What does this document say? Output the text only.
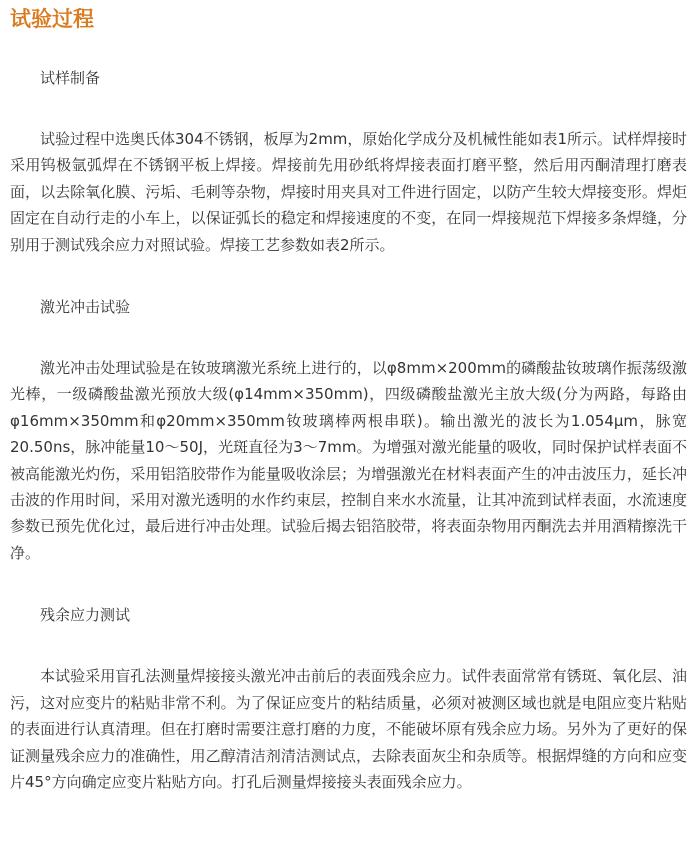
试验过程

试样制备

试验过程中选奥氏体304不锈钢，板厚为2mm，原始化学成分及机械性能如表1所示。试样焊接时采用钨极氩弧焊在不锈钢平板上焊接。焊接前先用砂纸将焊接表面打磨平整，然后用丙酮清理打磨表面，以去除氧化膜、污垢、毛刺等杂物，焊接时用夹具对工件进行固定，以防产生较大焊接变形。焊炬固定在自动行走的小车上，以保证弧长的稳定和焊接速度的不变，在同一焊接规范下焊接多条焊缝，分别用于测试残余应力对照试验。焊接工艺参数如表2所示。

激光冲击试验

激光冲击处理试验是在钕玻璃激光系统上进行的，以φ8mm×200mm的磷酸盐钕玻璃作振荡级激光棒，一级磷酸盐激光预放大级(φ14mm×350mm)，四级磷酸盐激光主放大级(分为两路，每路由φ16mm×350mm和φ20mm×350mm钕玻璃棒两根串联)。输出激光的波长为1.054μm，脉宽20.50ns，脉冲能量10～50J，光斑直径为3～7mm。为增强对激光能量的吸收，同时保护试样表面不被高能激光灼伤，采用铝箔胶带作为能量吸收涂层；为增强激光在材料表面产生的冲击波压力，延长冲击波的作用时间，采用对激光透明的水作约束层，控制自来水水流量，让其冲流到试样表面，水流速度参数已预先优化过，最后进行冲击处理。试验后揭去铝箔胶带，将表面杂物用丙酮洗去并用酒精擦洗干净。

残余应力测试

本试验采用盲孔法测量焊接接头激光冲击前后的表面残余应力。试件表面常常有锈斑、氧化层、油污，这对应变片的粘贴非常不利。为了保证应变片的粘结质量，必须对被测区域也就是电阻应变片粘贴的表面进行认真清理。但在打磨时需要注意打磨的力度，不能破坏原有残余应力场。另外为了更好的保证测量残余应力的准确性，用乙醇清洁剂清洁测试点，去除表面灰尘和杂质等。根据焊缝的方向和应变片45°方向确定应变片粘贴方向。打孔后测量焊接接头表面残余应力。
